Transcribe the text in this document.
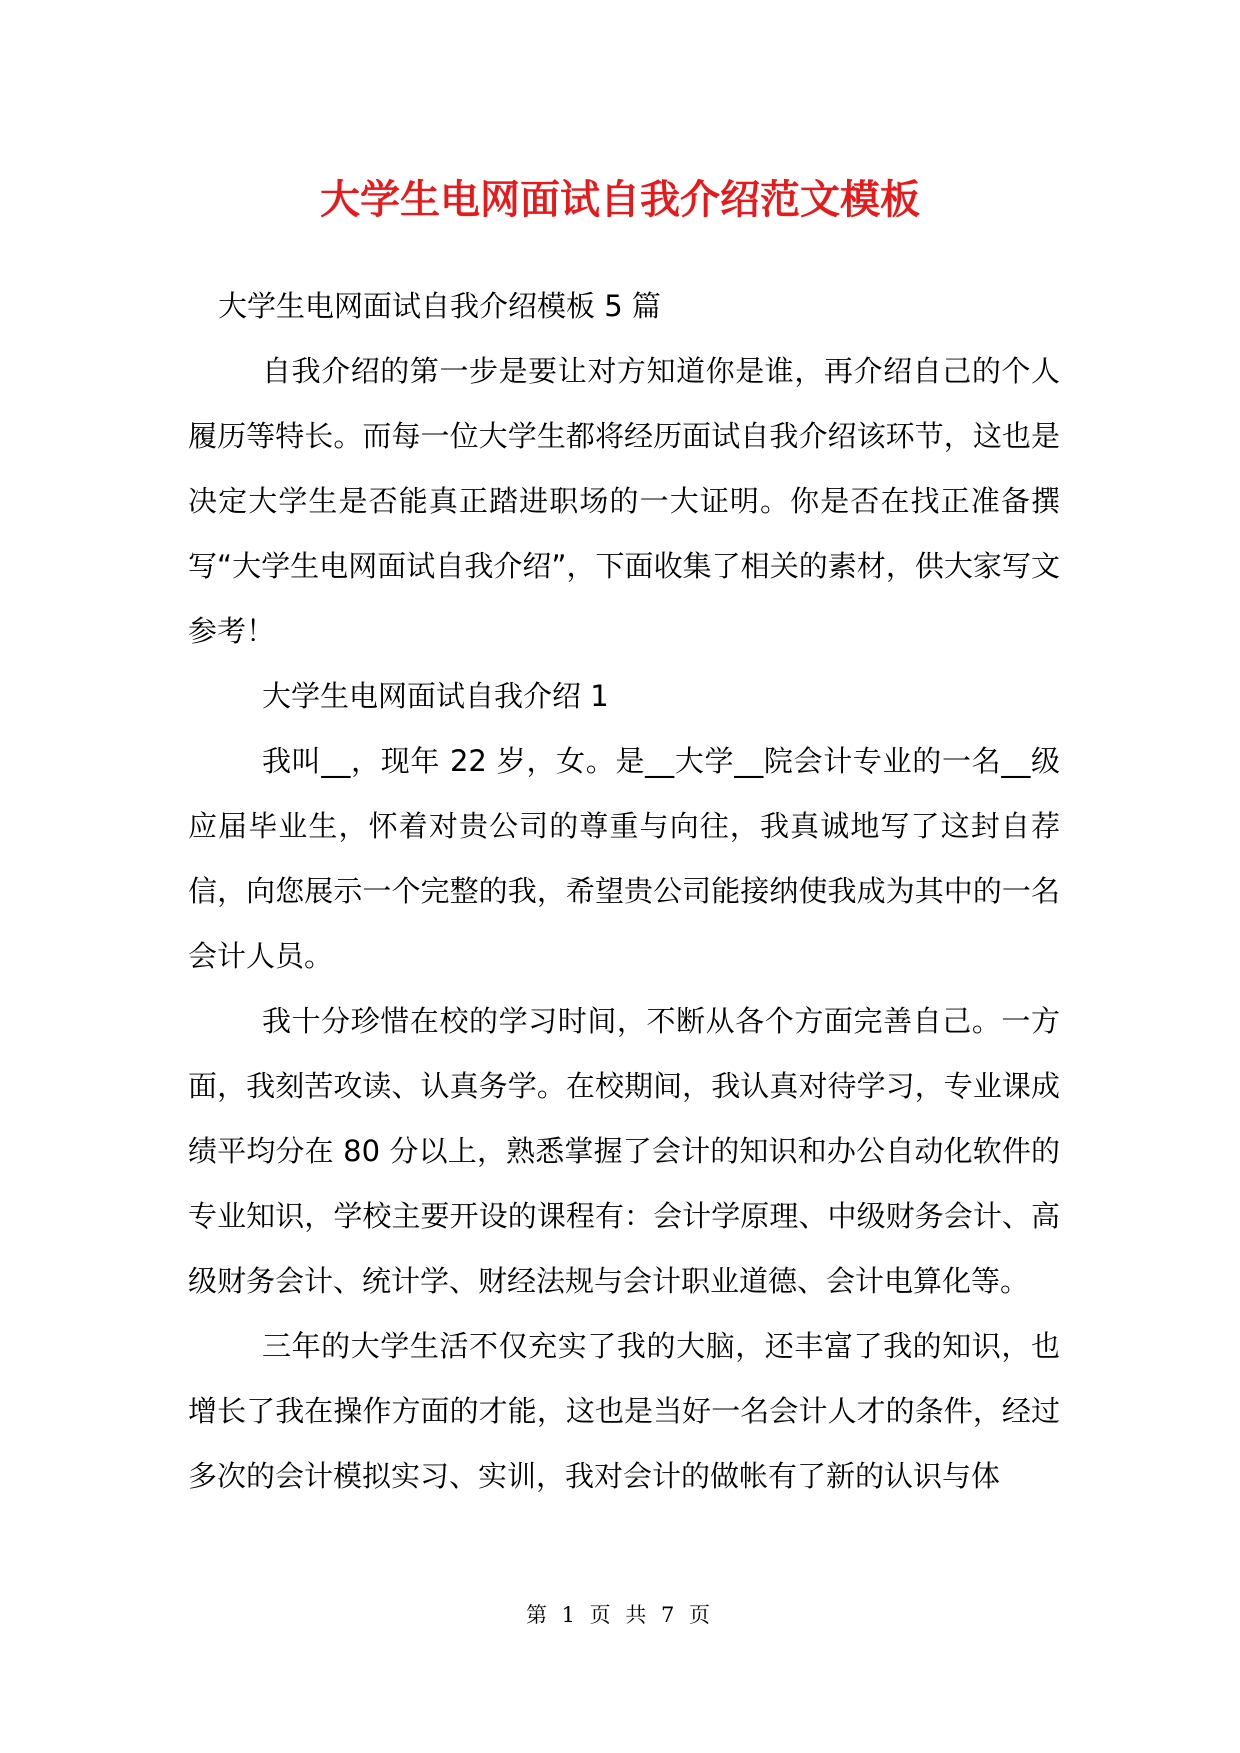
大学生电网面试自我介绍范文模板

大学生电网面试自我介绍模板 5 篇

自我介绍的第一步是要让对方知道你是谁，再介绍自己的个人履历等特长。而每一位大学生都将经历面试自我介绍该环节，这也是决定大学生是否能真正踏进职场的一大证明。你是否在找正准备撰写“大学生电网面试自我介绍”，下面收集了相关的素材，供大家写文参考！

大学生电网面试自我介绍 1

我叫__，现年 22 岁，女。是__大学__院会计专业的一名__级应届毕业生，怀着对贵公司的尊重与向往，我真诚地写了这封自荐信，向您展示一个完整的我，希望贵公司能接纳使我成为其中的一名会计人员。

我十分珍惜在校的学习时间，不断从各个方面完善自己。一方面，我刻苦攻读、认真务学。在校期间，我认真对待学习，专业课成绩平均分在 80 分以上，熟悉掌握了会计的知识和办公自动化软件的专业知识，学校主要开设的课程有：会计学原理、中级财务会计、高级财务会计、统计学、财经法规与会计职业道德、会计电算化等。

三年的大学生活不仅充实了我的大脑，还丰富了我的知识，也增长了我在操作方面的才能，这也是当好一名会计人才的条件，经过多次的会计模拟实习、实训，我对会计的做帐有了新的认识与体

第 1 页 共 7 页
